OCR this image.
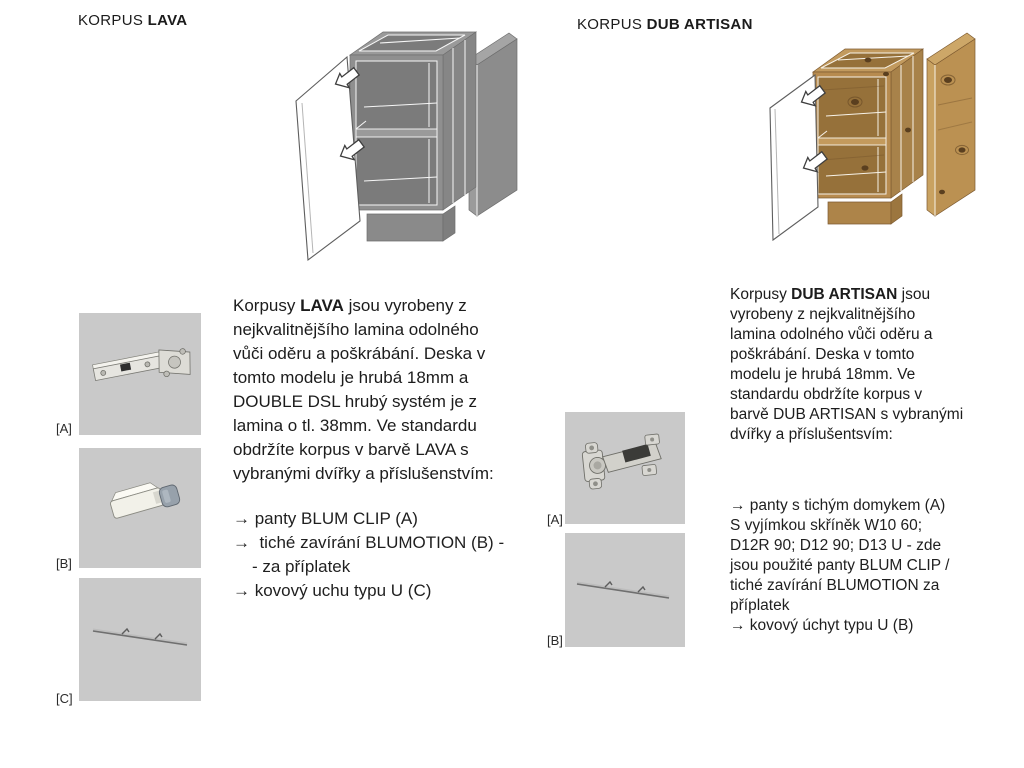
KORPUS LAVA
[A]
[B]
[C]
Korpusy LAVA jsou vyrobeny z
nejkvalitnějšího lamina odolného
vůči oděru a poškrábání. Deska v
tomto modelu je hrubá 18mm a
DOUBLE DSL hrubý systém je z
lamina o tl. 38mm. Ve standardu
obdržíte korpus v barvě LAVA s
vybranými dvířky a příslušenstvím:
→ panty BLUM CLIP (A)
→  tiché zavírání BLUMOTION (B) -
- za příplatek
→ kovový uchu typu U (C)
KORPUS DUB ARTISAN
[A]
[B]
Korpusy DUB ARTISAN jsou
vyrobeny z nejkvalitnějšího
lamina odolného vůči oděru a
poškrábání. Deska v tomto
modelu je hrubá 18mm. Ve
standardu obdržíte korpus v
barvě DUB ARTISAN s vybranými
dvířky a příslušentsvím:
→ panty s tichým domykem (A)
S vyjímkou skříněk W10 60;
D12R 90; D12 90; D13 U - zde
jsou použité panty BLUM CLIP /
tiché zavírání BLUMOTION za
příplatek
→ kovový úchyt typu U (B)
